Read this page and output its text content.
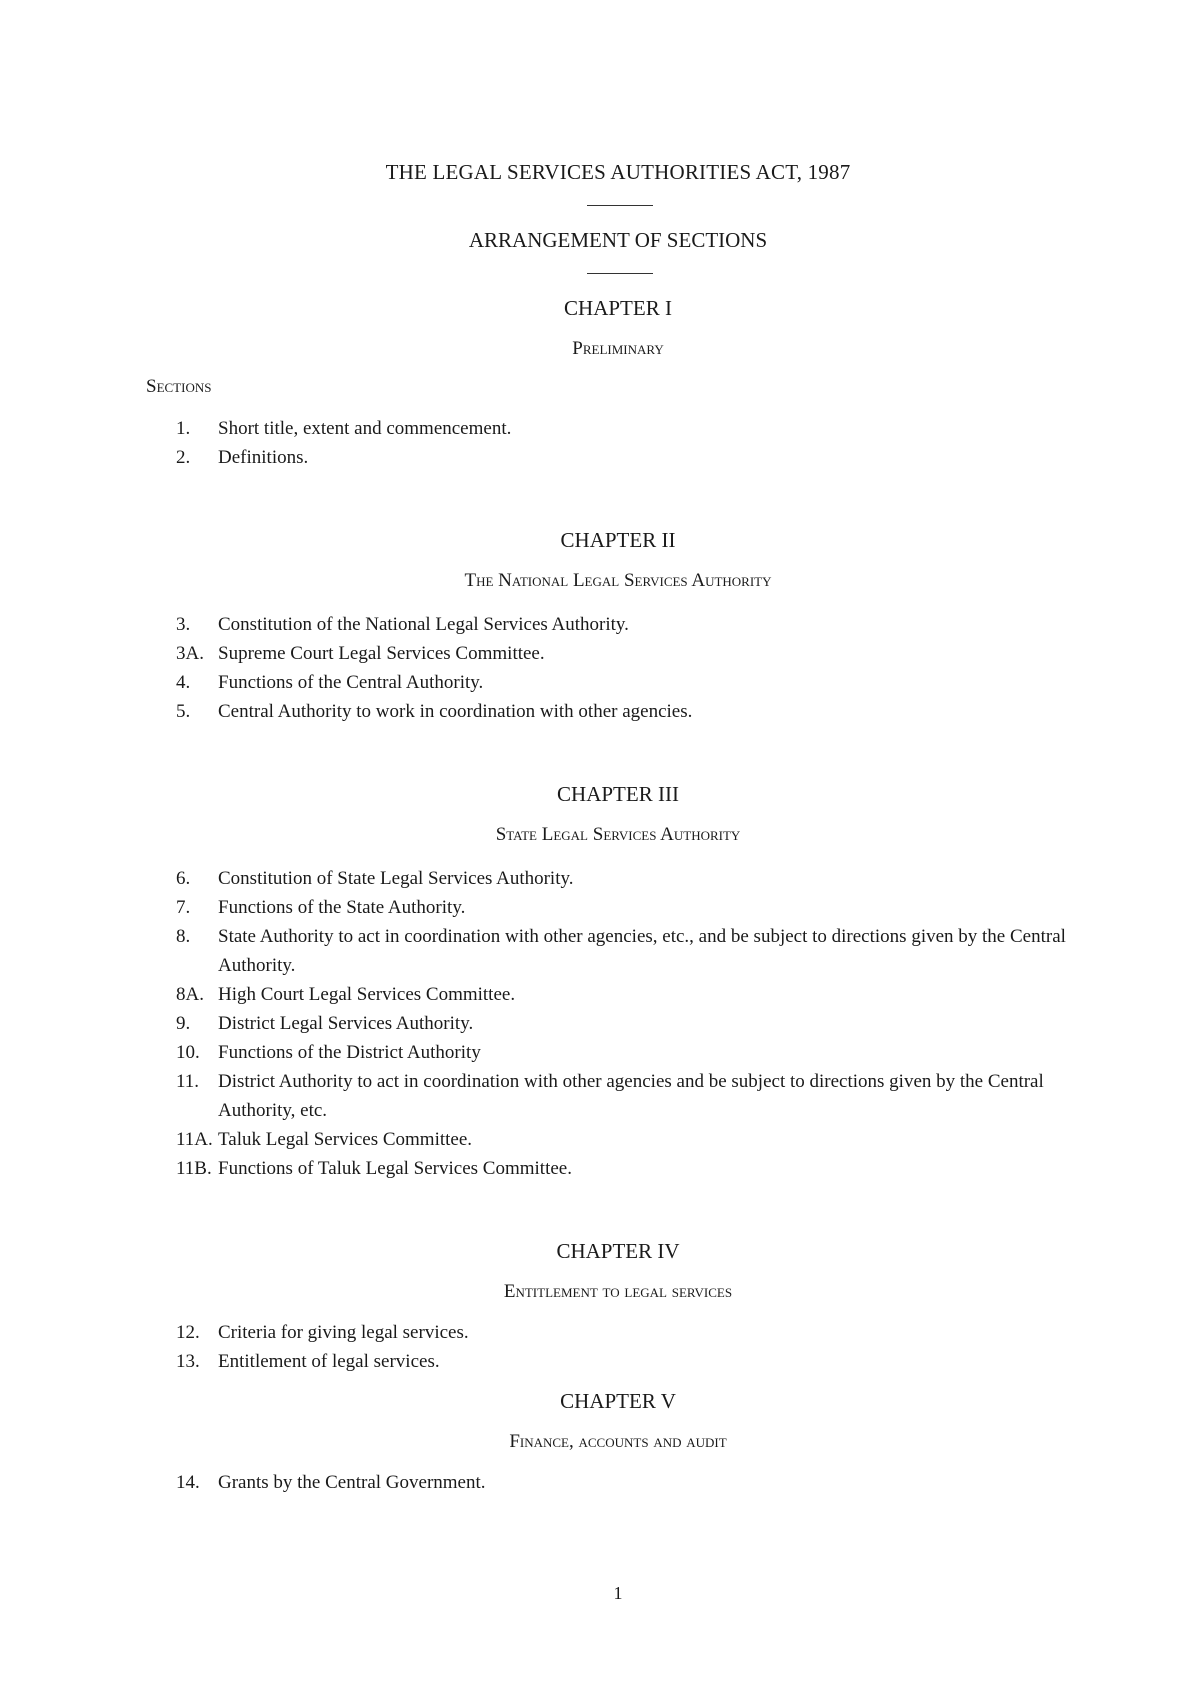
THE LEGAL SERVICES AUTHORITIES ACT, 1987
ARRANGEMENT OF SECTIONS
CHAPTER I
Preliminary
Sections
1.	Short title, extent and commencement.
2.	Definitions.
CHAPTER II
The National Legal Services Authority
3.	Constitution of the National Legal Services Authority.
3A. Supreme Court Legal Services Committee.
4.	Functions of the Central Authority.
5.	Central Authority to work in coordination with other agencies.
CHAPTER III
State Legal Services Authority
6.	Constitution of State Legal Services Authority.
7.	Functions of the State Authority.
8.	State Authority to act in coordination with other agencies, etc., and be subject to directions given by the Central Authority.
8A. High Court Legal Services Committee.
9.	District Legal Services Authority.
10. Functions of the District Authority
11. District Authority to act in coordination with other agencies and be subject to directions given by the Central Authority, etc.
11A. Taluk Legal Services Committee.
11B. Functions of Taluk Legal Services Committee.
CHAPTER IV
Entitlement to legal services
12. Criteria for giving legal services.
13. Entitlement of legal services.
CHAPTER V
Finance, accounts and audit
14. Grants by the Central Government.
1
